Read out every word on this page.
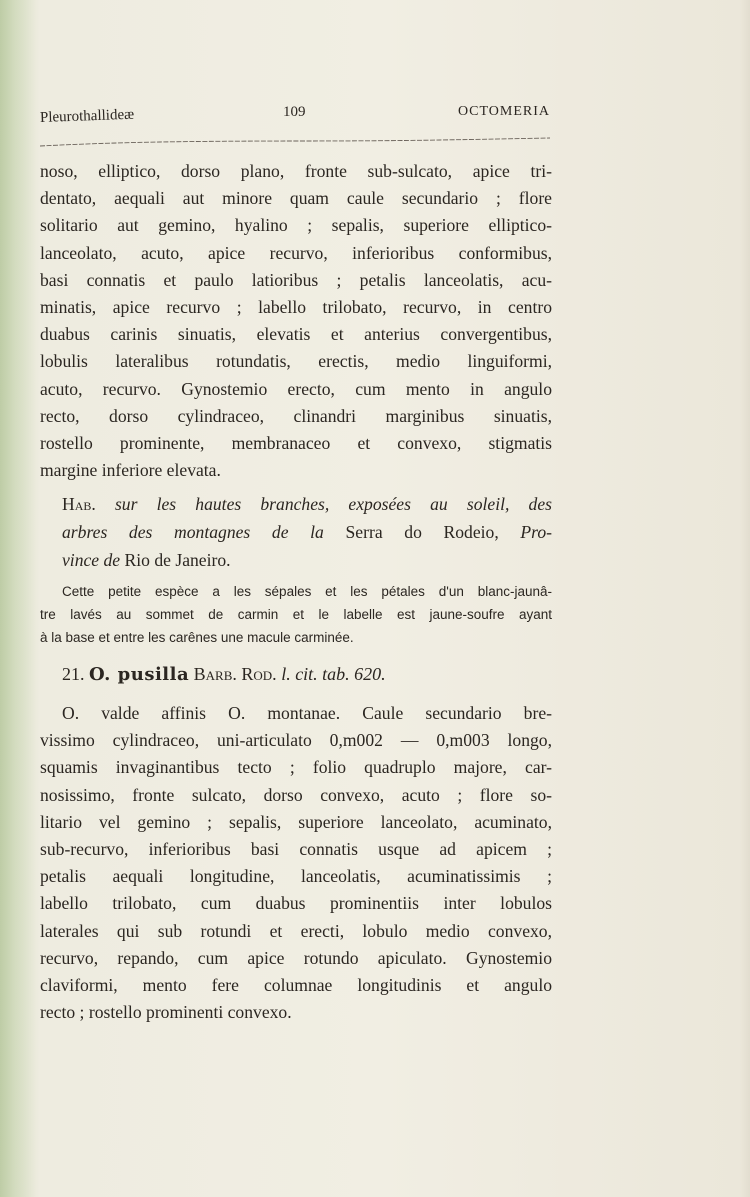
Pleurothallideæ	109	OCTOMERIA
noso, elliptico, dorso plano, fronte sub-sulcato, apice tri-
dentato, aequali aut minore quam caule secundario ; flore
solitario aut gemino, hyalino ; sepalis, superiore elliptico-
lanceolato, acuto, apice recurvo, inferioribus conformibus,
basi connatis et paulo latioribus ; petalis lanceolatis, acu-
minatis, apice recurvo ; labello trilobato, recurvo, in centro
duabus carinis sinuatis, elevatis et anterius convergentibus,
lobulis lateralibus rotundatis, erectis, medio linguiformi,
acuto, recurvo. Gynostemio erecto, cum mento in angulo
recto, dorso cylindraceo, clinandri marginibus sinuatis,
rostello prominente, membranaceo et convexo, stigmatis
margine inferiore elevata.
Hab. sur les hautes branches, exposées au soleil, des
arbres des montagnes de la Serra do Rodeio, Pro-
vince de Rio de Janeiro.
Cette petite espèce a les sépales et les pétales d'un blanc-jaunâ-
tre lavés au sommet de carmin et le labelle est jaune-soufre ayant
à la base et entre les carênes une macule carminée.
21. O. pusilla Barb. Rod. l. cit. tab. 620.
O. valde affinis O. montanae. Caule secundario bre-
vissimo cylindraceo, uni-articulato 0,m002 — 0,m003 longo,
squamis invaginantibus tecto ; folio quadruplo majore, car-
nosissimo, fronte sulcato, dorso convexo, acuto ; flore so-
litario vel gemino ; sepalis, superiore lanceolato, acuminato,
sub-recurvo, inferioribus basi connatis usque ad apicem ;
petalis aequali longitudine, lanceolatis, acuminatissimis ;
labello trilobato, cum duabus prominentiis inter lobulos
laterales qui sub rotundi et erecti, lobulo medio convexo,
recurvo, repando, cum apice rotundo apiculato. Gynostemio
claviformi, mento fere columnae longitudinis et angulo
recto ; rostello prominenti convexo.
